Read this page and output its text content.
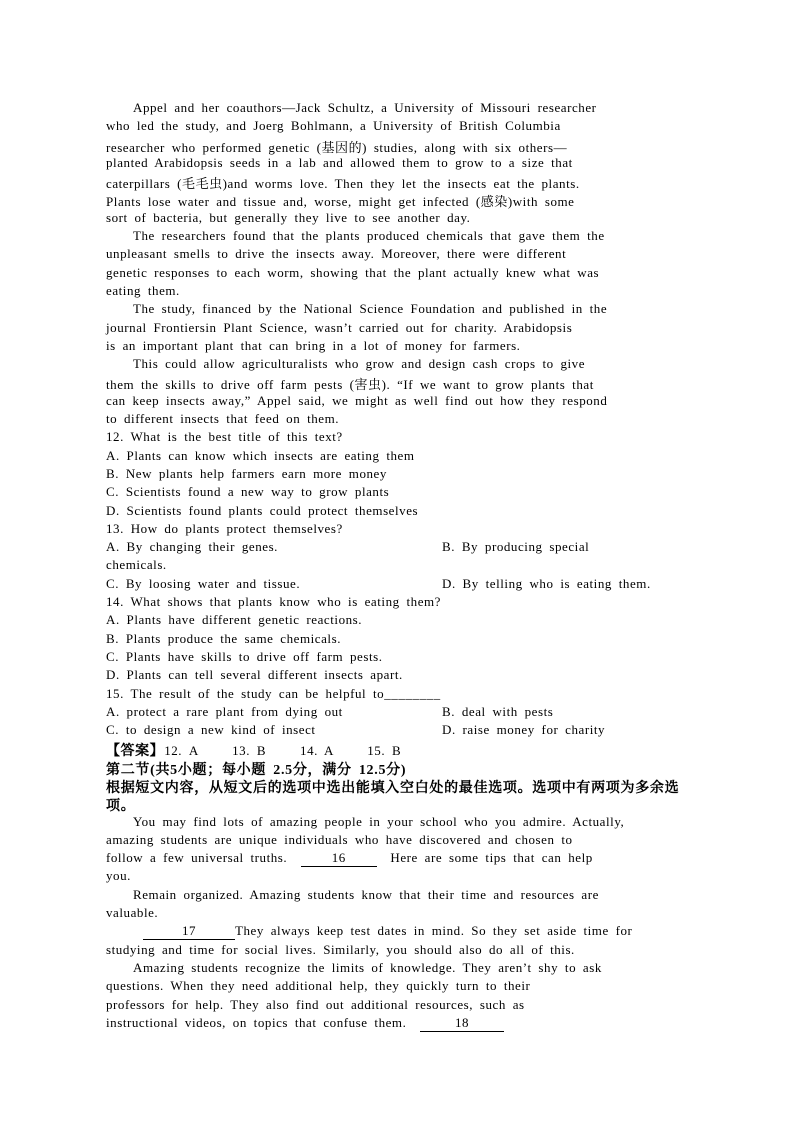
Appel and her coauthors—Jack Schultz, a University of Missouri researcher
who led the study, and Joerg Bohlmann, a University of British Columbia
researcher who performed genetic (基因的) studies, along with six others—
planted Arabidopsis seeds in a lab and allowed them to grow to a size that
caterpillars (毛毛虫)and worms love. Then they let the insects eat the plants.
Plants lose water and tissue and, worse, might get infected (感染)with some
sort of bacteria, but generally they live to see another day.
The researchers found that the plants produced chemicals that gave them the
unpleasant smells to drive the insects away. Moreover, there were different
genetic responses to each worm, showing that the plant actually knew what was
eating them.
The study, financed by the National Science Foundation and published in the
journal Frontiersin Plant Science, wasn’t carried out for charity. Arabidopsis
is an important plant that can bring in a lot of money for farmers.
This could allow agriculturalists who grow and design cash crops to give
them the skills to drive off farm pests (害虫). “If we want to grow plants that
can keep insects away,” Appel said, we might as well find out how they respond
to different insects that feed on them.
12. What is the best title of this text?
A. Plants can know which insects are eating them
B. New plants help farmers earn more money
C. Scientists found a new way to grow plants
D. Scientists found plants could protect themselves
13. How do plants protect themselves?
A. By changing their genes.	B. By producing special
chemicals.
C. By loosing water and tissue.	D. By telling who is eating them.
14. What shows that plants know who is eating them?
A. Plants have different genetic reactions.
B. Plants produce the same chemicals.
C. Plants have skills to drive off farm pests.
D. Plants can tell several different insects apart.
15. The result of the study can be helpful to________
A. protect a rare plant from dying out	B. deal with pests
C. to design a new kind of insect	D. raise money for charity
【答案】12. A     13. B     14. A     15. B
第二节(共5小题；每小题 2.5分，满分 12.5分)
根据短文内容，从短文后的选项中选出能填入空白处的最佳选项。选项中有两项为多余选
项。
You may find lots of amazing people in your school who you admire. Actually,
amazing students are unique individuals who have discovered and chosen to
follow a few universal truths.  16  Here are some tips that can help
you.
Remain organized. Amazing students know that their time and resources are
valuable.
17	They always keep test dates in mind. So they set aside time for
studying and time for social lives. Similarly, you should also do all of this.
Amazing students recognize the limits of knowledge. They aren’t shy to ask
questions. When they need additional help, they quickly turn to their
professors for help. They also find out additional resources, such as
instructional videos, on topics that confuse them.	18
